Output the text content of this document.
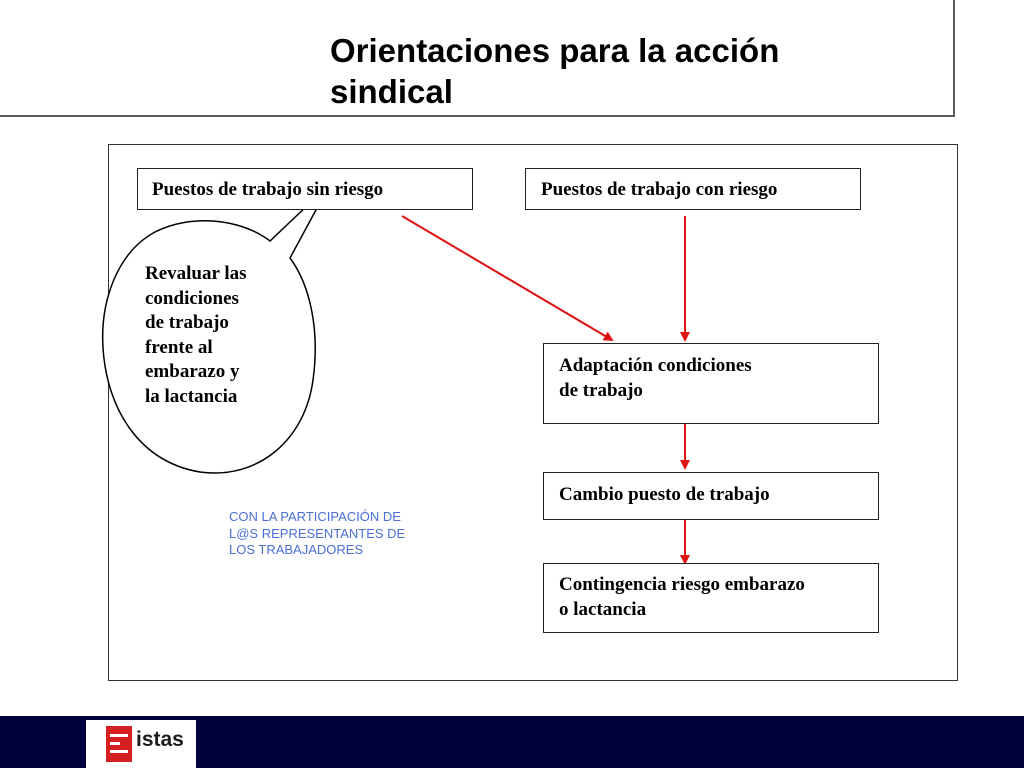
Orientaciones para la acción
sindical
Revaluar las
condiciones
de trabajo
frente al
embarazo y
la lactancia
Puestos de trabajo sin riesgo	Puestos de trabajo con riesgo
Adaptación condiciones
de trabajo
Cambio puesto de trabajo
Contingencia riesgo embarazo
o lactancia
CON LA PARTICIPACIÓN DE
L@S REPRESENTANTES DE
LOS TRABAJADORES
istas
